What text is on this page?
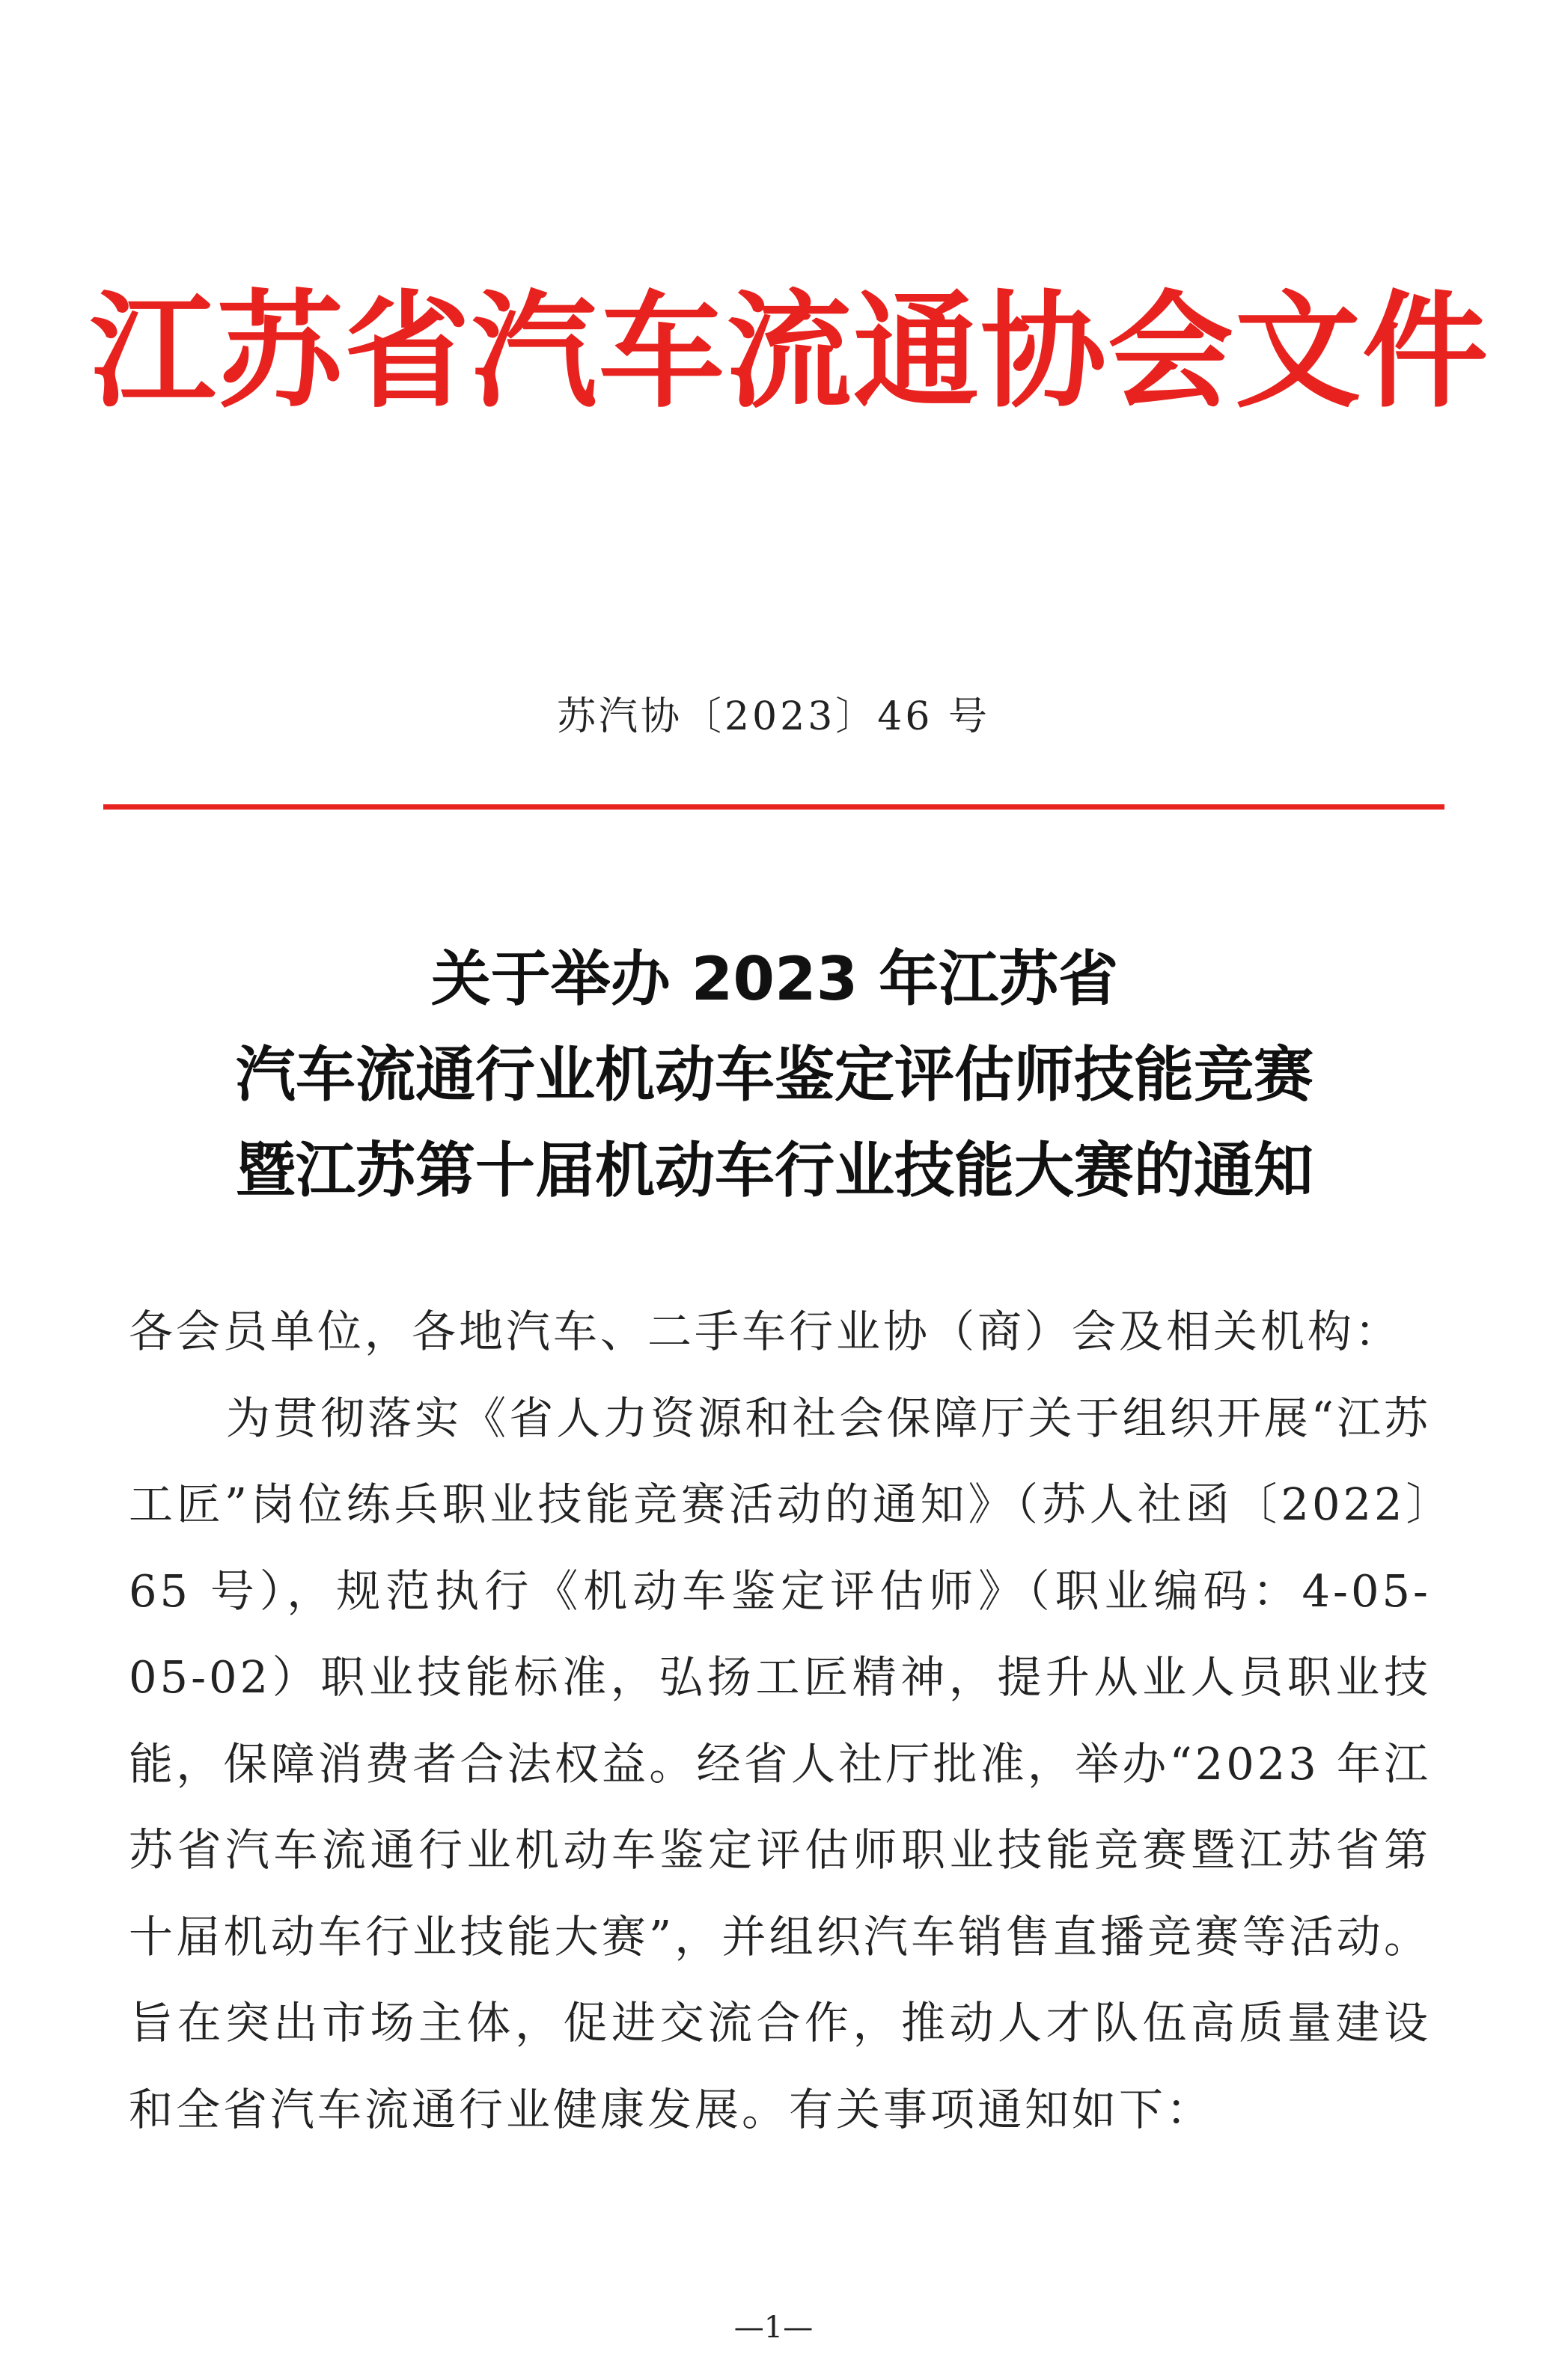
江苏省汽车流通协会文件
苏汽协〔2023〕46 号
关于举办 2023 年江苏省
汽车流通行业机动车鉴定评估师技能竞赛
暨江苏第十届机动车行业技能大赛的通知
各会员单位，各地汽车、二手车行业协（商）会及相关机构：
为贯彻落实《省人力资源和社会保障厅关于组织开展“江苏工匠”岗位练兵职业技能竞赛活动的通知》（苏人社函〔2022〕65 号），规范执行《机动车鉴定评估师》（职业编码：4-05-05-02）职业技能标准，弘扬工匠精神，提升从业人员职业技能，保障消费者合法权益。经省人社厅批准，举办“2023 年江苏省汽车流通行业机动车鉴定评估师职业技能竞赛暨江苏省第十届机动车行业技能大赛”，并组织汽车销售直播竞赛等活动。旨在突出市场主体，促进交流合作，推动人才队伍高质量建设和全省汽车流通行业健康发展。有关事项通知如下：
—1—
